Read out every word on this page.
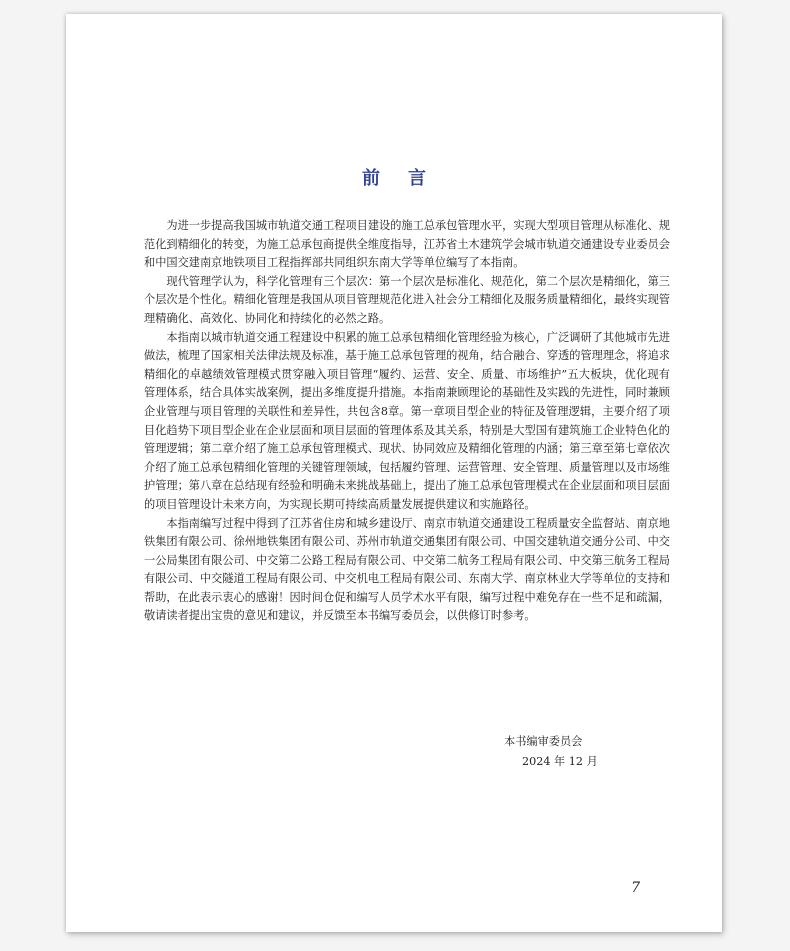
前言

为进一步提高我国城市轨道交通工程项目建设的施工总承包管理水平，实现大型项目管理从标准化、规范化到精细化的转变，为施工总承包商提供全维度指导，江苏省土木建筑学会城市轨道交通建设专业委员会和中国交建南京地铁项目工程指挥部共同组织东南大学等单位编写了本指南。

现代管理学认为，科学化管理有三个层次：第一个层次是标准化、规范化，第二个层次是精细化，第三个层次是个性化。精细化管理是我国从项目管理规范化进入社会分工精细化及服务质量精细化，最终实现管理精确化、高效化、协同化和持续化的必然之路。

本指南以城市轨道交通工程建设中积累的施工总承包精细化管理经验为核心，广泛调研了其他城市先进做法，梳理了国家相关法律法规及标准，基于施工总承包管理的视角，结合融合、穿透的管理理念，将追求精细化的卓越绩效管理模式贯穿融入项目管理“履约、运营、安全、质量、市场维护”五大板块，优化现有管理体系，结合具体实战案例，提出多维度提升措施。本指南兼顾理论的基础性及实践的先进性，同时兼顾企业管理与项目管理的关联性和差异性，共包含8章。第一章项目型企业的特征及管理逻辑，主要介绍了项目化趋势下项目型企业在企业层面和项目层面的管理体系及其关系，特别是大型国有建筑施工企业特色化的管理逻辑；第二章介绍了施工总承包管理模式、现状、协同效应及精细化管理的内涵；第三章至第七章依次介绍了施工总承包精细化管理的关键管理领域，包括履约管理、运营管理、安全管理、质量管理以及市场维护管理；第八章在总结现有经验和明确未来挑战基础上，提出了施工总承包管理模式在企业层面和项目层面的项目管理设计未来方向，为实现长期可持续高质量发展提供建议和实施路径。

本指南编写过程中得到了江苏省住房和城乡建设厅、南京市轨道交通建设工程质量安全监督站、南京地铁集团有限公司、徐州地铁集团有限公司、苏州市轨道交通集团有限公司、中国交建轨道交通分公司、中交一公局集团有限公司、中交第二公路工程局有限公司、中交第二航务工程局有限公司、中交第三航务工程局有限公司、中交隧道工程局有限公司、中交机电工程局有限公司、东南大学、南京林业大学等单位的支持和帮助，在此表示衷心的感谢！因时间仓促和编写人员学术水平有限，编写过程中难免存在一些不足和疏漏，敬请读者提出宝贵的意见和建议，并反馈至本书编写委员会，以供修订时参考。

本书编审委员会
2024 年 12 月
7
